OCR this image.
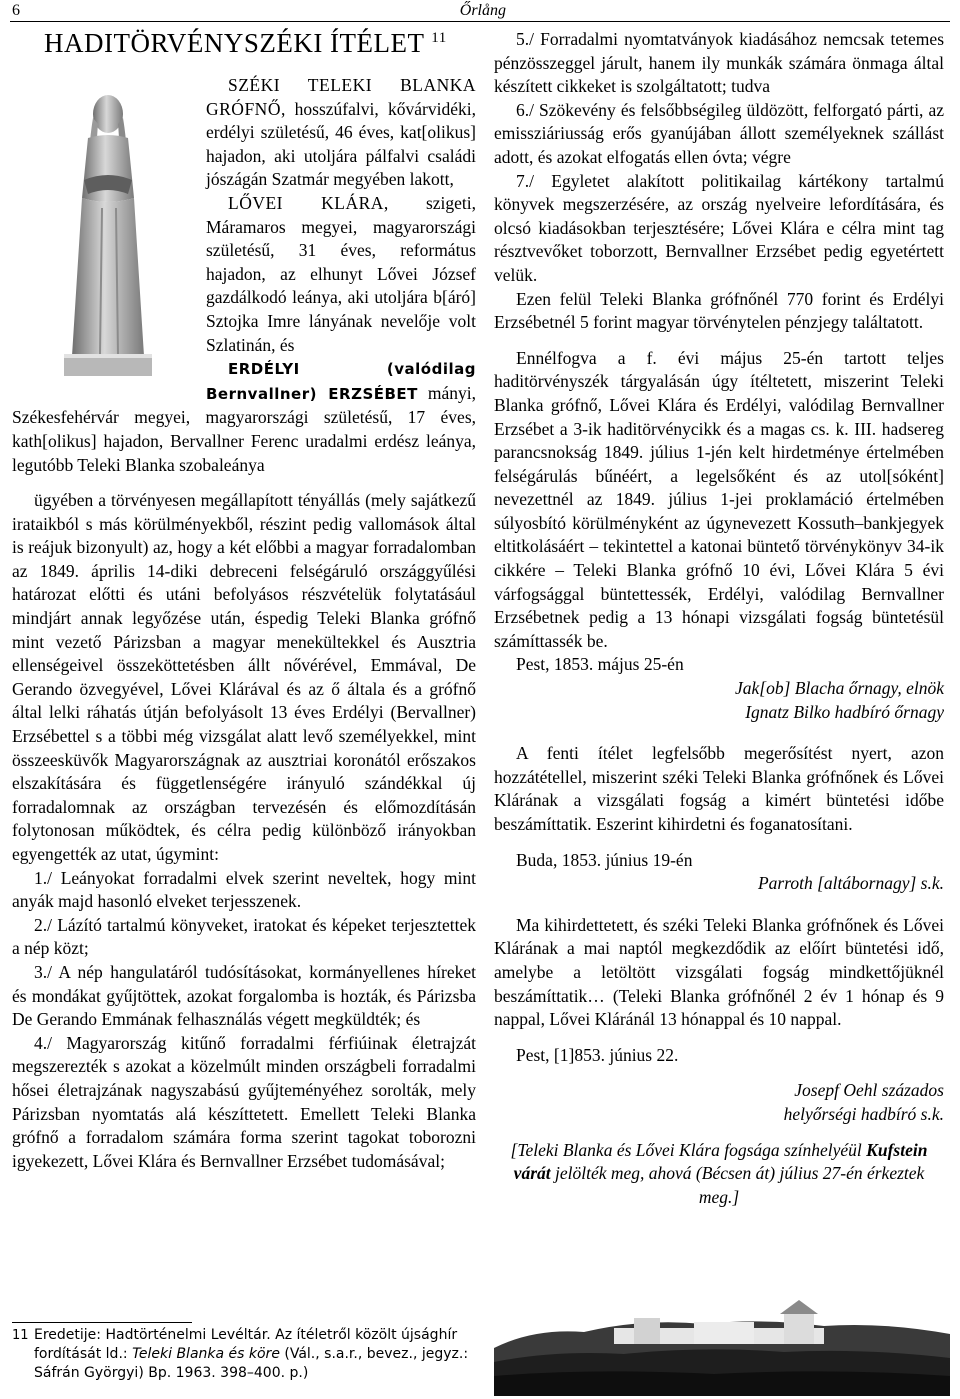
6	Őrlång
HADITÖRVÉNYSZÉKI ÍTÉLET $^{11}$

SZÉKI TELEKI BLANKA GRÓFNŐ, hosszúfalvi, kővárvidéki, erdélyi születésű, 46 éves, kat[olikus] hajadon, aki utoljára pálfalvi családi jószágán Szatmár megyében lakott,

LŐVEI KLÁRA, szigeti, Máramaros megyei, magyarországi születésű, 31 éves, református hajadon, az elhunyt Lővei József gazdálkodó leánya, aki utoljára b[áró] Sztojka Imre lányának nevelője volt Szlatinán, és

ERDÉLYI (valódilag Bernvallner) ERZSÉBET mányi, Székesfehérvár megyei, magyarországi születésű, 17 éves, kath[olikus] hajadon, Bervallner Ferenc uradalmi erdész leánya, legutóbb Teleki Blanka szobaleánya

ügyében a törvényesen megállapított tényállás (mely sajátkezű irataikból s más körülményekből, részint pedig vallomások által is reájuk bizonyult) az, hogy a két előbbi a magyar forradalomban az 1849. április 14-diki debreceni felségáruló országgyűlési határozat előtti és utáni befolyásos részvételük folytatásául mindjárt annak legyőzése után, éspedig Teleki Blanka grófnő mint vezető Párizsban a magyar menekültekkel és Ausztria ellenségeivel összeköttetésben állt nővérével, Emmával, De Gerando özvegyével, Lővei Klárával és az ő általa és a grófnő által lelki ráhatás útján befolyásolt 13 éves Erdélyi (Bervallner) Erzsébettel s a többi még vizsgálat alatt levő személyekkel, mint összeesküvők Magyarországnak az ausztriai koronától erőszakos elszakítására és függetlenségére irányuló szándékkal új forradalomnak az országban tervezésén és előmozdításán folytonosan működtek, és célra pedig különböző irányokban egyengették az utat, úgymint:

1./ Leányokat forradalmi elvek szerint neveltek, hogy mint anyák majd hasonló elveket terjesszenek.

2./ Lázító tartalmú könyveket, iratokat és képeket terjesztettek a nép közt;

3./ A nép hangulatáról tudósításokat, kormányellenes híreket és mondákat gyűjtöttek, azokat forgalomba is hozták, és Párizsba De Gerando Emmának felhasználás végett megküldték; és

4./ Magyarország kitűnő forradalmi férfiúinak életrajzát megszerezték s azokat a közelmúlt minden országbeli forradalmi hősei életrajzának nagyszabású gyűjteményéhez sorolták, mely Párizsban nyomtatás alá készíttetett. Emellett Teleki Blanka grófnő a forradalom számára forma szerint tagokat toborozni igyekezett, Lővei Klára és Bernvallner Erzsébet tudomásával;

5./ Forradalmi nyomtatványok kiadásához nemcsak tetemes pénzösszeggel járult, hanem ily munkák számára önmaga által készített cikkeket is szolgáltatott; tudva

6./ Szökevény és felsőbbségileg üldözött, felforgató párti, az emissziáriusság erős gyanújában állott személyeknek szállást adott, és azokat elfogatás ellen óvta; végre

7./ Egyletet alakított politikailag kártékony tartalmú könyvek megszerzésére, az ország nyelveire lefordítására, és olcsó kiadásokban terjesztésére; Lővei Klára e célra mint tag résztvevőket toborzott, Bernvallner Erzsébet pedig egyetértett velük.

Ezen felül Teleki Blanka grófnőnél 770 forint és Erdélyi Erzsébetnél 5 forint magyar törvénytelen pénzjegy találtatott.

Ennélfogva a f. évi május 25-én tartott teljes haditörvényszék tárgyalásán úgy ítéltetett, miszerint Teleki Blanka grófnő, Lővei Klára és Erdélyi, valódilag Bernvallner Erzsébet a 3-ik haditörvénycikk és a magas cs. k. III. hadsereg parancsnokság 1849. július 1-jén kelt hirdetménye értelmében felségárulás bűnéért, a legelsőként és az utol[sóként] nevezettnél az 1849. július 1-jei proklamáció értelmében súlyosbító körülményként az úgynevezett Kossuth–bankjegyek eltitkolásáért – tekintettel a katonai büntető törvénykönyv 34-ik cikkére – Teleki Blanka grófnő 10 évi, Lővei Klára 5 évi várfogsággal büntettessék, Erdélyi, valódilag Bernvallner Erzsébetnek pedig a 13 hónapi vizsgálati fogság büntetésül számíttassék be.

Pest, 1853. május 25-én

Jak[ob] Blacha őrnagy, elnök

Ignatz Bilko hadbíró őrnagy

A fenti ítélet legfelsőbb megerősítést nyert, azon hozzátétellel, miszerint széki Teleki Blanka grófnőnek és Lővei Klárának a vizsgálati fogság a kimért büntetési időbe beszámíttatik. Eszerint kihirdetni és foganatosítani.

Buda, 1853. június 19-én

Parroth [altábornagy] s.k.

Ma kihirdettetett, és széki Teleki Blanka grófnőnek és Lővei Klárának a mai naptól megkezdődik az előírt büntetési idő, amelybe a letöltött vizsgálati fogság mindkettőjüknél beszámíttatik… (Teleki Blanka grófnőnél 2 év 1 hónap és 9 nappal, Lővei Kláránál 13 hónappal és 10 nappal.

Pest, [1]853. június 22.

Josepf Oehl százados

helyőrségi hadbíró s.k.

[Teleki Blanka és Lővei Klára fogsága színhelyéül Kufstein várát jelölték meg, ahová (Bécsen át) július 27-én érkeztek meg.]

11 Eredetije: Hadtörténelmi Levéltár. Az ítéletről közölt újsághír fordítását ld.: Teleki Blanka és köre (Vál., s.a.r., bevez., jegyz.: Sáfrán Györgyi) Bp. 1963. 398–400. p.)
